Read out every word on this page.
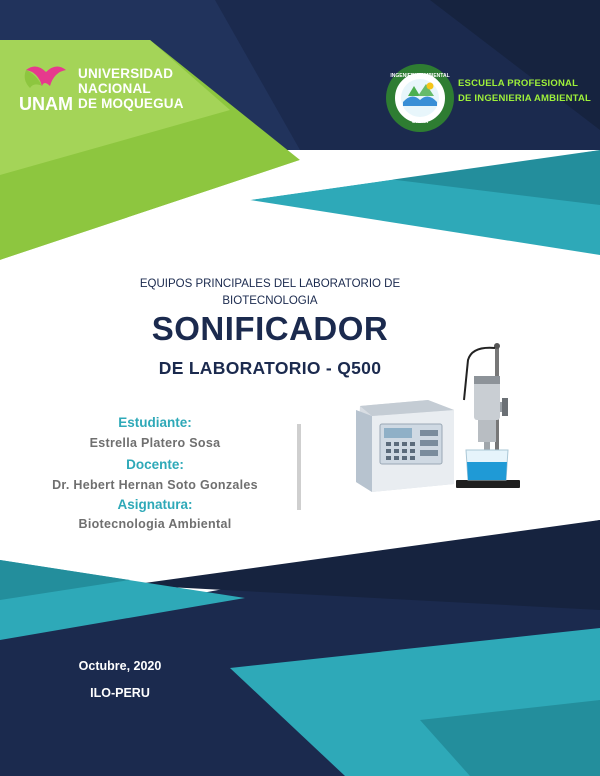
UNAM
UNIVERSIDAD
NACIONAL
DE MOQUEGUA
INGENIERIA AMBIENTAL
UNAM
ESCUELA PROFESIONAL
DE INGENIERIA AMBIENTAL
EQUIPOS PRINCIPALES DEL LABORATORIO DE
BIOTECNOLOGIA
SONIFICADOR
DE LABORATORIO - Q500
Estudiante:
Estrella Platero Sosa
Docente:
Dr. Hebert Hernan Soto Gonzales
Asignatura:
Biotecnologia Ambiental
Octubre, 2020
ILO-PERU
